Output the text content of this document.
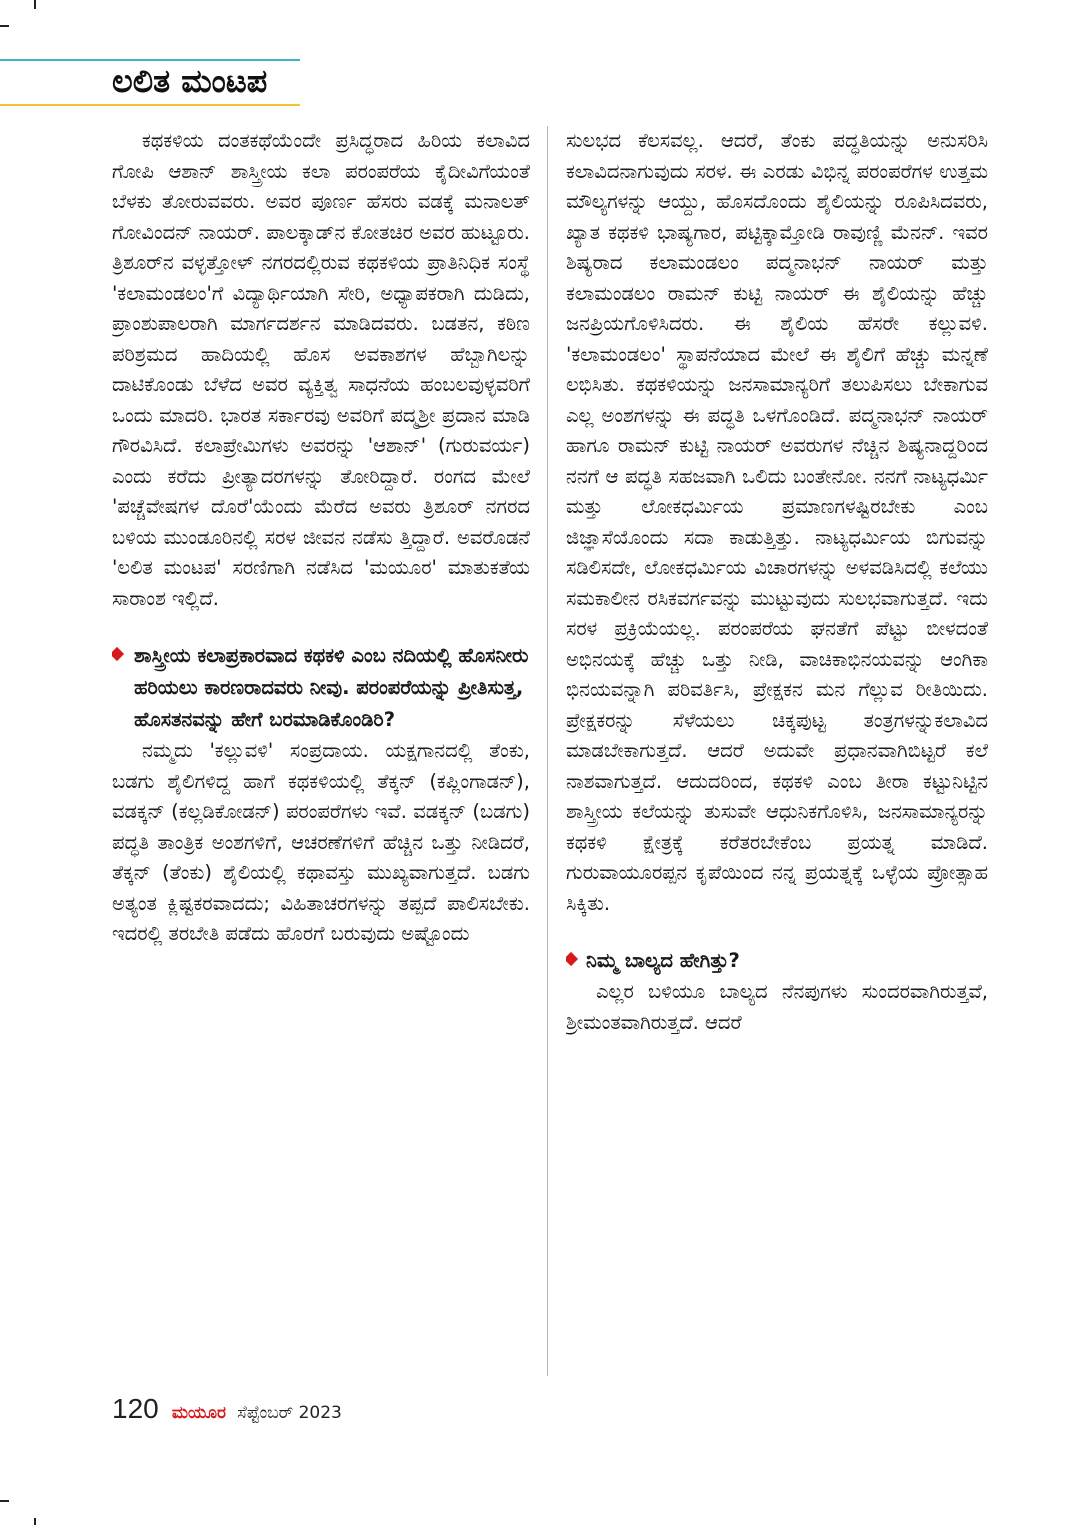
ಲಲಿತ ಮಂಟಪ

ಕಥಕಳಿಯ ದಂತಕಥೆಯೆಂದೇ ಪ್ರಸಿದ್ಧರಾದ ಹಿರಿಯ ಕಲಾವಿದ ಗೋಪಿ ಆಶಾನ್ ಶಾಸ್ತ್ರೀಯ ಕಲಾ ಪರಂಪರೆಯ ಕೈದೀವಿಗೆಯಂತೆ ಬೆಳಕು ತೋರುವವರು. ಅವರ ಪೂರ್ಣ ಹೆಸರು ವಡಕ್ಕೆ ಮನಾಲತ್ ಗೋವಿಂದನ್ ನಾಯರ್. ಪಾಲಕ್ಕಾಡ್‌ನ ಕೋತಚಿರ ಅವರ ಹುಟ್ಟೂರು. ತ್ರಿಶೂರ್‌ನ ವಳ್ಳತ್ತೋಳ್ ನಗರದಲ್ಲಿರುವ ಕಥಕಳಿಯ ಪ್ರಾತಿನಿಧಿಕ ಸಂಸ್ಥೆ 'ಕಲಾಮಂಡಲಂ'ಗೆ ವಿದ್ಯಾರ್ಥಿಯಾಗಿ ಸೇರಿ, ಅಧ್ಯಾಪಕರಾಗಿ ದುಡಿದು, ಪ್ರಾಂಶುಪಾಲರಾಗಿ ಮಾರ್ಗದರ್ಶನ ಮಾಡಿದವರು. ಬಡತನ, ಕಠಿಣ ಪರಿಶ್ರಮದ ಹಾದಿಯಲ್ಲಿ ಹೊಸ ಅವಕಾಶಗಳ ಹೆಬ್ಬಾಗಿಲನ್ನು ದಾಟಿಕೊಂಡು ಬೆಳೆದ ಅವರ ವ್ಯಕ್ತಿತ್ವ ಸಾಧನೆಯ ಹಂಬಲವುಳ್ಳವರಿಗೆ ಒಂದು ಮಾದರಿ. ಭಾರತ ಸರ್ಕಾರವು ಅವರಿಗೆ ಪದ್ಮಶ್ರೀ ಪ್ರದಾನ ಮಾಡಿ ಗೌರವಿಸಿದೆ. ಕಲಾಪ್ರೇಮಿಗಳು ಅವರನ್ನು 'ಆಶಾನ್' (ಗುರುವರ್ಯ) ಎಂದು ಕರೆದು ಪ್ರೀತ್ಯಾದರಗಳನ್ನು ತೋರಿದ್ದಾರೆ. ರಂಗದ ಮೇಲೆ 'ಪಚ್ಚೆವೇಷಗಳ ದೊರೆ'ಯೆಂದು ಮೆರೆದ ಅವರು ತ್ರಿಶೂರ್ ನಗರದ ಬಳಿಯ ಮುಂಡೂರಿನಲ್ಲಿ ಸರಳ ಜೀವನ ನಡೆಸು ತ್ತಿದ್ದಾರೆ. ಅವರೊಡನೆ 'ಲಲಿತ ಮಂಟಪ' ಸರಣಿಗಾಗಿ ನಡೆಸಿದ 'ಮಯೂರ' ಮಾತುಕತೆಯ ಸಾರಾಂಶ ಇಲ್ಲಿದೆ.

ಶಾಸ್ತ್ರೀಯ ಕಲಾಪ್ರಕಾರವಾದ ಕಥಕಳಿ ಎಂಬ ನದಿಯಲ್ಲಿ ಹೊಸನೀರು ಹರಿಯಲು ಕಾರಣರಾದವರು ನೀವು. ಪರಂಪರೆಯನ್ನು ಪ್ರೀತಿಸುತ್ತ, ಹೊಸತನವನ್ನು ಹೇಗೆ ಬರಮಾಡಿಕೊಂಡಿರಿ?

ನಮ್ಮದು 'ಕಲ್ಲುವಳಿ' ಸಂಪ್ರದಾಯ. ಯಕ್ಷಗಾನದಲ್ಲಿ ತೆಂಕು, ಬಡಗು ಶೈಲಿಗಳಿದ್ದ ಹಾಗೆ ಕಥಕಳಿಯಲ್ಲಿ ತೆಕ್ಕನ್ (ಕಪ್ಲಿಂಗಾಡನ್), ವಡಕ್ಕನ್ (ಕಲ್ಲಡಿಕೋಡನ್) ಪರಂಪರೆಗಳು ಇವೆ. ವಡಕ್ಕನ್ (ಬಡಗು) ಪದ್ಧತಿ ತಾಂತ್ರಿಕ ಅಂಶಗಳಿಗೆ, ಆಚರಣೆಗಳಿಗೆ ಹೆಚ್ಚಿನ ಒತ್ತು ನೀಡಿದರೆ, ತೆಕ್ಕನ್ (ತೆಂಕು) ಶೈಲಿಯಲ್ಲಿ ಕಥಾವಸ್ತು ಮುಖ್ಯವಾಗುತ್ತದೆ. ಬಡಗು ಅತ್ಯಂತ ಕ್ಲಿಷ್ಟಕರವಾದದು; ವಿಹಿತಾಚರಗಳನ್ನು ತಪ್ಪದೆ ಪಾಲಿಸಬೇಕು. ಇದರಲ್ಲಿ ತರಬೇತಿ ಪಡೆದು ಹೊರಗೆ ಬರುವುದು ಅಷ್ಟೊಂದು

ಸುಲಭದ ಕೆಲಸವಲ್ಲ. ಆದರೆ, ತೆಂಕು ಪದ್ಧತಿಯನ್ನು ಅನುಸರಿಸಿ ಕಲಾವಿದನಾಗುವುದು ಸರಳ. ಈ ಎರಡು ವಿಭಿನ್ನ ಪರಂಪರೆಗಳ ಉತ್ತಮ ಮೌಲ್ಯಗಳನ್ನು ಆಯ್ದು, ಹೊಸದೊಂದು ಶೈಲಿಯನ್ನು ರೂಪಿಸಿದವರು, ಖ್ಯಾತ ಕಥಕಳಿ ಭಾಷ್ಯಗಾರ, ಪಟ್ಟಿಕ್ಕಾಮ್ತೋಡಿ ರಾವುಣ್ಣಿ ಮೆನನ್. ಇವರ ಶಿಷ್ಯರಾದ ಕಲಾಮಂಡಲಂ ಪದ್ಮನಾಭನ್ ನಾಯರ್ ಮತ್ತು ಕಲಾಮಂಡಲಂ ರಾಮನ್ ಕುಟ್ಟಿ ನಾಯರ್ ಈ ಶೈಲಿಯನ್ನು ಹೆಚ್ಚು ಜನಪ್ರಿಯಗೊಳಿಸಿದರು. ಈ ಶೈಲಿಯ ಹೆಸರೇ ಕಲ್ಲುವಳಿ. 'ಕಲಾಮಂಡಲಂ' ಸ್ಥಾಪನೆಯಾದ ಮೇಲೆ ಈ ಶೈಲಿಗೆ ಹೆಚ್ಚು ಮನ್ನಣೆ ಲಭಿಸಿತು. ಕಥಕಳಿಯನ್ನು ಜನಸಾಮಾನ್ಯರಿಗೆ ತಲುಪಿಸಲು ಬೇಕಾಗುವ ಎಲ್ಲ ಅಂಶಗಳನ್ನು ಈ ಪದ್ಧತಿ ಒಳಗೊಂಡಿದೆ. ಪದ್ಮನಾಭನ್ ನಾಯರ್ ಹಾಗೂ ರಾಮನ್ ಕುಟ್ಟಿ ನಾಯರ್ ಅವರುಗಳ ನೆಚ್ಚಿನ ಶಿಷ್ಯನಾದ್ದರಿಂದ ನನಗೆ ಆ ಪದ್ಧತಿ ಸಹಜವಾಗಿ ಒಲಿದು ಬಂತೇನೋ. ನನಗೆ ನಾಟ್ಯಧರ್ಮಿ ಮತ್ತು ಲೋಕಧರ್ಮಿಯ ಪ್ರಮಾಣಗಳಷ್ಟಿರಬೇಕು ಎಂಬ ಜಿಜ್ಞಾಸೆಯೊಂದು ಸದಾ ಕಾಡುತ್ತಿತ್ತು. ನಾಟ್ಯಧರ್ಮಿಯ ಬಿಗುವನ್ನು ಸಡಿಲಿಸದೇ, ಲೋಕಧರ್ಮಿಯ ವಿಚಾರಗಳನ್ನು ಅಳವಡಿಸಿದಲ್ಲಿ ಕಲೆಯು ಸಮಕಾಲೀನ ರಸಿಕವರ್ಗವನ್ನು ಮುಟ್ಟುವುದು ಸುಲಭವಾಗುತ್ತದೆ. ಇದು ಸರಳ ಪ್ರಕ್ರಿಯೆಯಲ್ಲ. ಪರಂಪರೆಯ ಘನತೆಗೆ ಪೆಟ್ಟು ಬೀಳದಂತೆ ಅಭಿನಯಕ್ಕೆ ಹೆಚ್ಚು ಒತ್ತು ನೀಡಿ, ವಾಚಿಕಾಭಿನಯವನ್ನು ಆಂಗಿಕಾ ಭಿನಯವನ್ನಾಗಿ ಪರಿವರ್ತಿಸಿ, ಪ್ರೇಕ್ಷಕನ ಮನ ಗೆಲ್ಲುವ ರೀತಿಯಿದು. ಪ್ರೇಕ್ಷಕರನ್ನು ಸೆಳೆಯಲು ಚಿಕ್ಕಪುಟ್ಟ ತಂತ್ರಗಳನ್ನುಕಲಾವಿದ ಮಾಡಬೇಕಾಗುತ್ತದೆ. ಆದರೆ ಅದುವೇ ಪ್ರಧಾನವಾಗಿಬಿಟ್ಟರೆ ಕಲೆ ನಾಶವಾಗುತ್ತದೆ. ಆದುದರಿಂದ, ಕಥಕಳಿ ಎಂಬ ತೀರಾ ಕಟ್ಟುನಿಟ್ಟಿನ ಶಾಸ್ತ್ರೀಯ ಕಲೆಯನ್ನು ತುಸುವೇ ಆಧುನಿಕಗೊಳಿಸಿ, ಜನಸಾಮಾನ್ಯರನ್ನು ಕಥಕಳಿ ಕ್ಷೇತ್ರಕ್ಕೆ ಕರೆತರಬೇಕೆಂಬ ಪ್ರಯತ್ನ ಮಾಡಿದೆ. ಗುರುವಾಯೂರಪ್ಪನ ಕೃಪೆಯಿಂದ ನನ್ನ ಪ್ರಯತ್ನಕ್ಕೆ ಒಳ್ಳೆಯ ಪ್ರೋತ್ಸಾಹ ಸಿಕ್ಕಿತು.

ನಿಮ್ಮ ಬಾಲ್ಯದ ಹೇಗಿತ್ತು?

ಎಲ್ಲರ ಬಳಿಯೂ ಬಾಲ್ಯದ ನೆನಪುಗಳು ಸುಂದರವಾಗಿರುತ್ತವೆ, ಶ್ರೀಮಂತವಾಗಿರುತ್ತದೆ. ಆದರೆ

120 ಮಯೂರ ಸೆಪ್ಟೆಂಬರ್ 2023
